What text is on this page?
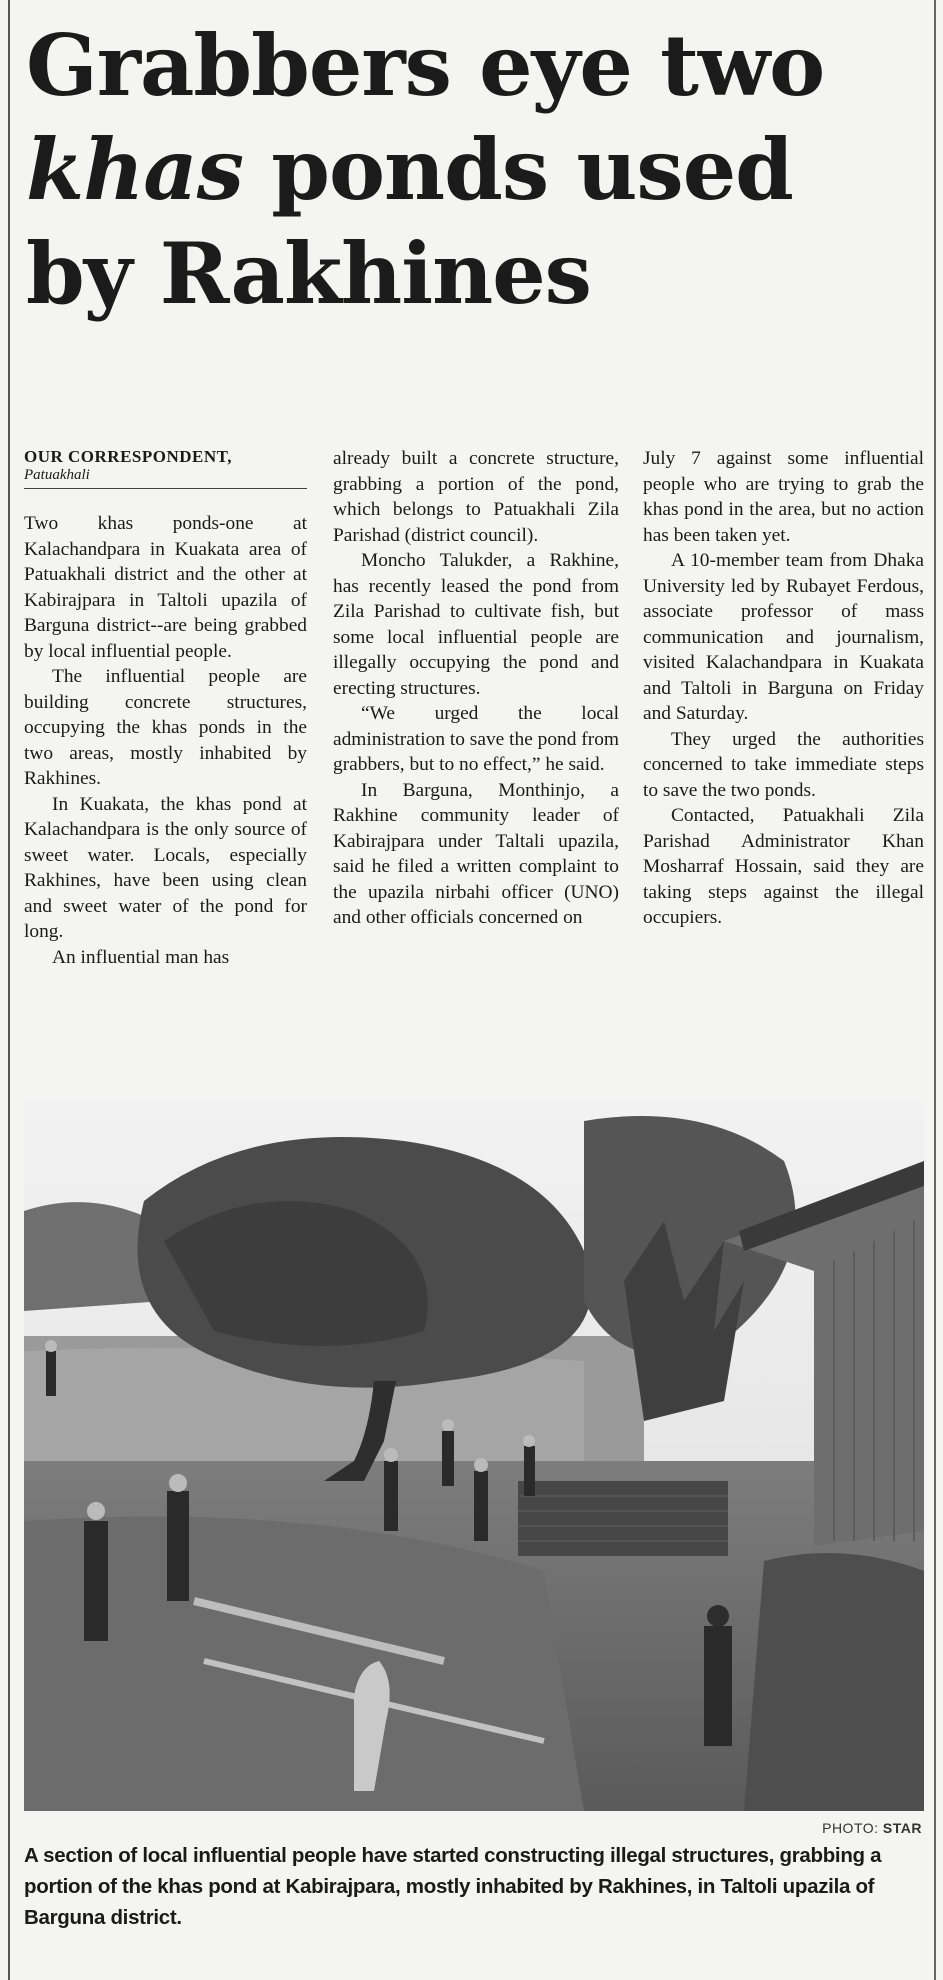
Grabbers eye two
khas ponds used
by Rakhines
OUR CORRESPONDENT,
Patuakhali

Two khas ponds-one at Kalachandpara in Kuakata area of Patuakhali district and the other at Kabirajpara in Taltoli upazila of Barguna district--are being grabbed by local influential people.

The influential people are building concrete structures, occupying the khas ponds in the two areas, mostly inhabited by Rakhines.

In Kuakata, the khas pond at Kalachandpara is the only source of sweet water. Locals, especially Rakhines, have been using clean and sweet water of the pond for long.

An influential man has

already built a concrete structure, grabbing a portion of the pond, which belongs to Patuakhali Zila Parishad (district council).

Moncho Talukder, a Rakhine, has recently leased the pond from Zila Parishad to cultivate fish, but some local influential people are illegally occupying the pond and erecting structures.

“We urged the local administration to save the pond from grabbers, but to no effect,” he said.

In Barguna, Monthinjo, a Rakhine community leader of Kabirajpara under Taltali upazila, said he filed a written complaint to the upazila nirbahi officer (UNO) and other officials concerned on

July 7 against some influential people who are trying to grab the khas pond in the area, but no action has been taken yet.

A 10-member team from Dhaka University led by Rubayet Ferdous, associate professor of mass communication and journalism, visited Kalachandpara in Kuakata and Taltoli in Barguna on Friday and Saturday.

They urged the authorities concerned to take immediate steps to save the two ponds.

Contacted, Patuakhali Zila Parishad Administrator Khan Mosharraf Hossain, said they are taking steps against the illegal occupiers.

PHOTO: STAR

A section of local influential people have started constructing illegal structures, grabbing a portion of the khas pond at Kabirajpara, mostly inhabited by Rakhines, in Taltoli upazila of Barguna district.
